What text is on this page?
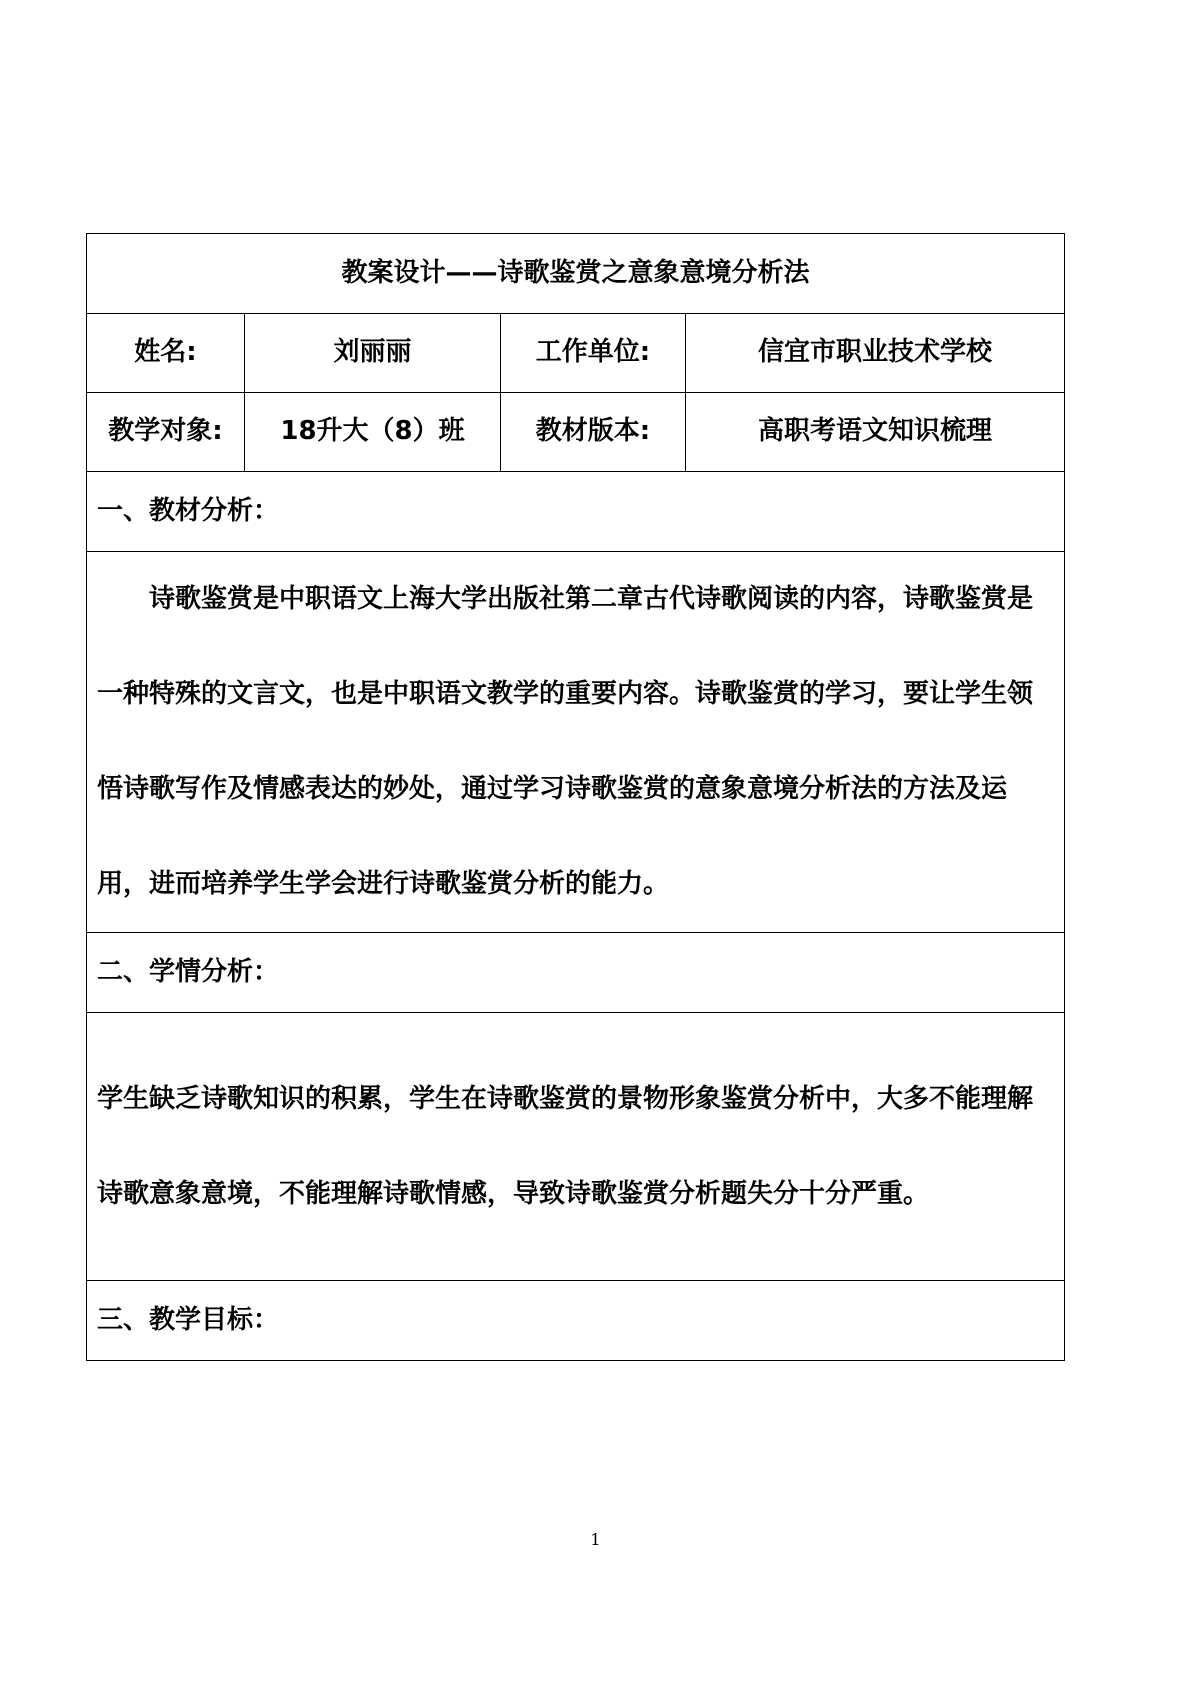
教案设计——诗歌鉴赏之意象意境分析法			
姓名:	刘丽丽	工作单位:	信宜市职业技术学校
教学对象:	18升大（8）班	教材版本:	高职考语文知识梳理
一、教材分析：			

诗歌鉴赏是中职语文上海大学出版社第二章古代诗歌阅读的内容，诗歌鉴赏是一种特殊的文言文，也是中职语文教学的重要内容。诗歌鉴赏的学习，要让学生领悟诗歌写作及情感表达的妙处，通过学习诗歌鉴赏的意象意境分析法的方法及运用，进而培养学生学会进行诗歌鉴赏分析的能力。			

二、学情分析：			

学生缺乏诗歌知识的积累，学生在诗歌鉴赏的景物形象鉴赏分析中，大多不能理解诗歌意象意境，不能理解诗歌情感，导致诗歌鉴赏分析题失分十分严重。			

三、教学目标：			
1
